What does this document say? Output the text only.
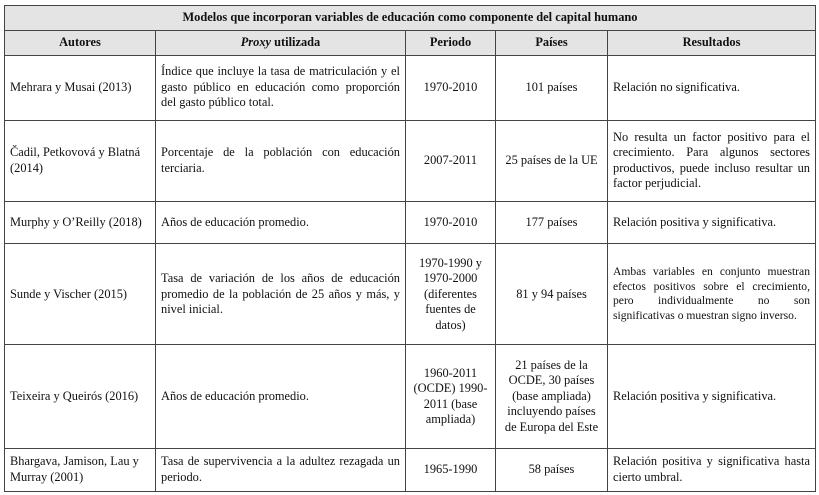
Modelos que incorporan variables de educación como componente del capital humano				
Autores	Proxy utilizada	Periodo	Países	Resultados
Mehrara y Musai (2013)	Índice que incluye la tasa de matriculación y el gasto público en educación como proporción del gasto público total.	1970-2010	101 países	Relación no significativa.
Čadil, Petkovová y Blatná (2014)	Porcentaje de la población con educación terciaria.	2007-2011	25 países de la UE	No resulta un factor positivo para el crecimiento. Para algunos sectores productivos, puede incluso resultar un factor perjudicial.
Murphy y O’Reilly (2018)	Años de educación promedio.	1970-2010	177 países	Relación positiva y significativa.
Sunde y Vischer (2015)	Tasa de variación de los años de educación promedio de la población de 25 años y más, y nivel inicial.	1970-1990 y 1970-2000 (diferentes fuentes de datos)	81 y 94 países	Ambas variables en conjunto muestran efectos positivos sobre el crecimiento, pero individualmente no son significativas o muestran signo inverso.
Teixeira y Queirós (2016)	Años de educación promedio.	1960-2011 (OCDE) 1990-2011 (base ampliada)	21 países de la OCDE, 30 países (base ampliada) incluyendo países de Europa del Este	Relación positiva y significativa.
Bhargava, Jamison, Lau y Murray (2001)	Tasa de supervivencia a la adultez rezagada un periodo.	1965-1990	58 países	Relación positiva y significativa hasta cierto umbral.
